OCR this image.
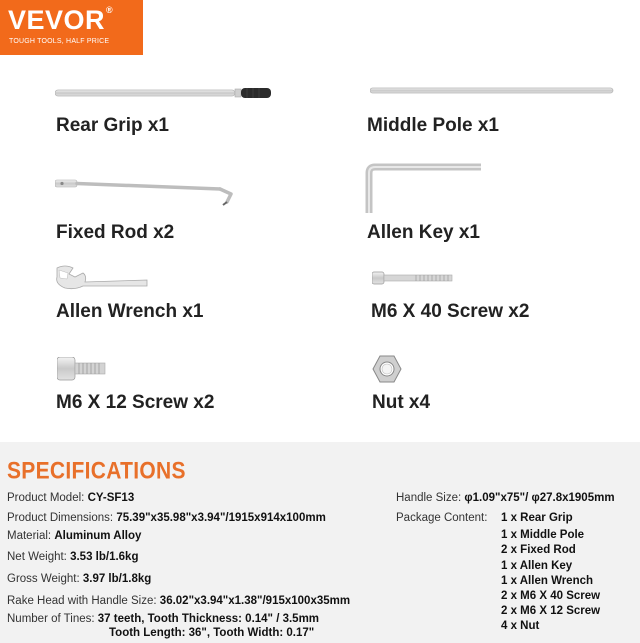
VEVOR®
TOUGH TOOLS, HALF PRICE
Rear Grip x1	Middle Pole x1
Fixed Rod x2	Allen Key x1
Allen Wrench x1	M6 X 40 Screw x2
M6 X 12 Screw x2	Nut x4
SPECIFICATIONS
Product Model: CY-SF13
Product Dimensions: 75.39"x35.98"x3.94"/1915x914x100mm
Material: Aluminum Alloy
Net Weight: 3.53 lb/1.6kg
Gross Weight: 3.97 lb/1.8kg
Rake Head with Handle Size: 36.02"x3.94"x1.38"/915x100x35mm
Number of Tines: 37 teeth, Tooth Thickness: 0.14" / 3.5mm
Tooth Length: 36", Tooth Width: 0.17"
Handle Size: φ1.09"x75"/ φ27.8x1905mm
Package Content: 1 x Rear Grip
1 x Middle Pole
2 x Fixed Rod
1 x Allen Key
1 x Allen Wrench
2 x M6 X 40 Screw
2 x M6 X 12 Screw
4 x Nut
